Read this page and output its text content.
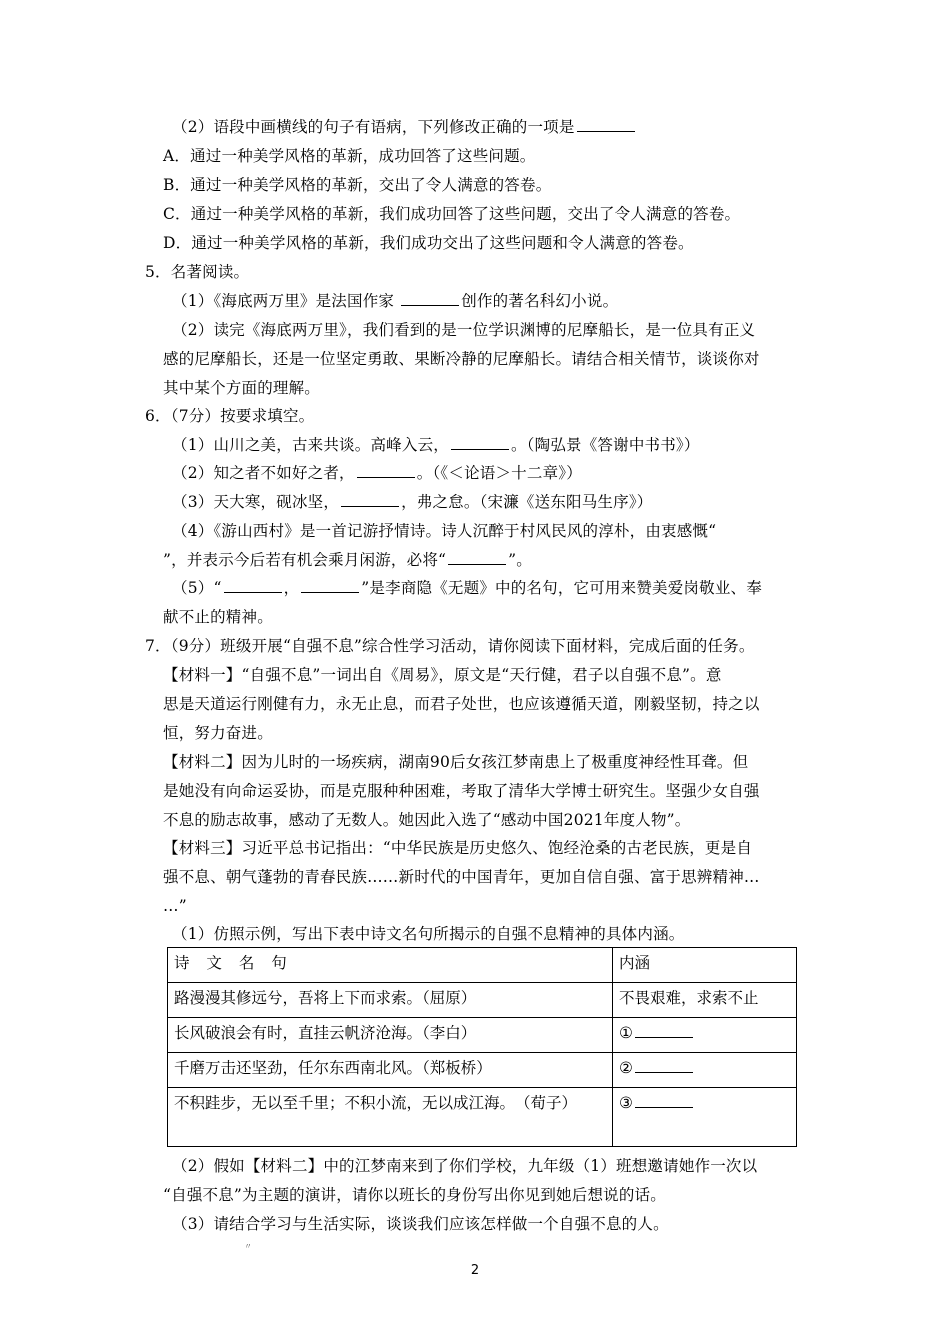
（2）语段中画横线的句子有语病，下列修改正确的一项是
A．通过一种美学风格的革新，成功回答了这些问题。
B．通过一种美学风格的革新，交出了令人满意的答卷。
C．通过一种美学风格的革新，我们成功回答了这些问题，交出了令人满意的答卷。
D．通过一种美学风格的革新，我们成功交出了这些问题和令人满意的答卷。
5．名著阅读。
（1）《海底两万里》是法国作家	创作的著名科幻小说。
（2）读完《海底两万里》，我们看到的是一位学识渊博的尼摩船长，是一位具有正义
感的尼摩船长，还是一位坚定勇敢、果断冷静的尼摩船长。请结合相关情节，谈谈你对
其中某个方面的理解。
6．（7分）按要求填空。
（1）山川之美，古来共谈。高峰入云，	。（陶弘景《答谢中书书》）
（2）知之者不如好之者，	。（《＜论语＞十二章》）
（3）天大寒，砚冰坚，	，弗之怠。（宋濂《送东阳马生序》）
（4）《游山西村》是一首记游抒情诗。诗人沉醉于村风民风的淳朴，由衷感慨“
”，并表示今后若有机会乘月闲游，必将“	”。
（5）“	，	”是李商隐《无题》中的名句，它可用来赞美爱岗敬业、奉
献不止的精神。
7．（9分）班级开展“自强不息”综合性学习活动，请你阅读下面材料，完成后面的任务。
【材料一】“自强不息”一词出自《周易》，原文是“天行健，君子以自强不息”。意
思是天道运行刚健有力，永无止息，而君子处世，也应该遵循天道，刚毅坚韧，持之以
恒，努力奋进。
【材料二】因为儿时的一场疾病，湖南90后女孩江梦南患上了极重度神经性耳聋。但
是她没有向命运妥协，而是克服种种困难，考取了清华大学博士研究生。坚强少女自强
不息的励志故事，感动了无数人。她因此入选了“感动中国2021年度人物”。
【材料三】习近平总书记指出：“中华民族是历史悠久、饱经沧桑的古老民族，更是自
强不息、朝气蓬勃的青春民族……新时代的中国青年，更加自信自强、富于思辨精神…
…”
（1）仿照示例，写出下表中诗文名句所揭示的自强不息精神的具体内涵。
诗 文 名 句	内涵
路漫漫其修远兮，吾将上下而求索。（屈原）	不畏艰难，求索不止
长风破浪会有时，直挂云帆济沧海。（李白）	①
千磨万击还坚劲，任尔东西南北风。（郑板桥）	②
不积跬步，无以至千里；不积小流，无以成江海。　（荀子）	③
（2）假如【材料二】中的江梦南来到了你们学校，九年级（1）班想邀请她作一次以
“自强不息”为主题的演讲，请你以班长的身份写出你见到她后想说的话。
（3）请结合学习与生活实际，谈谈我们应该怎样做一个自强不息的人。
〃
2
